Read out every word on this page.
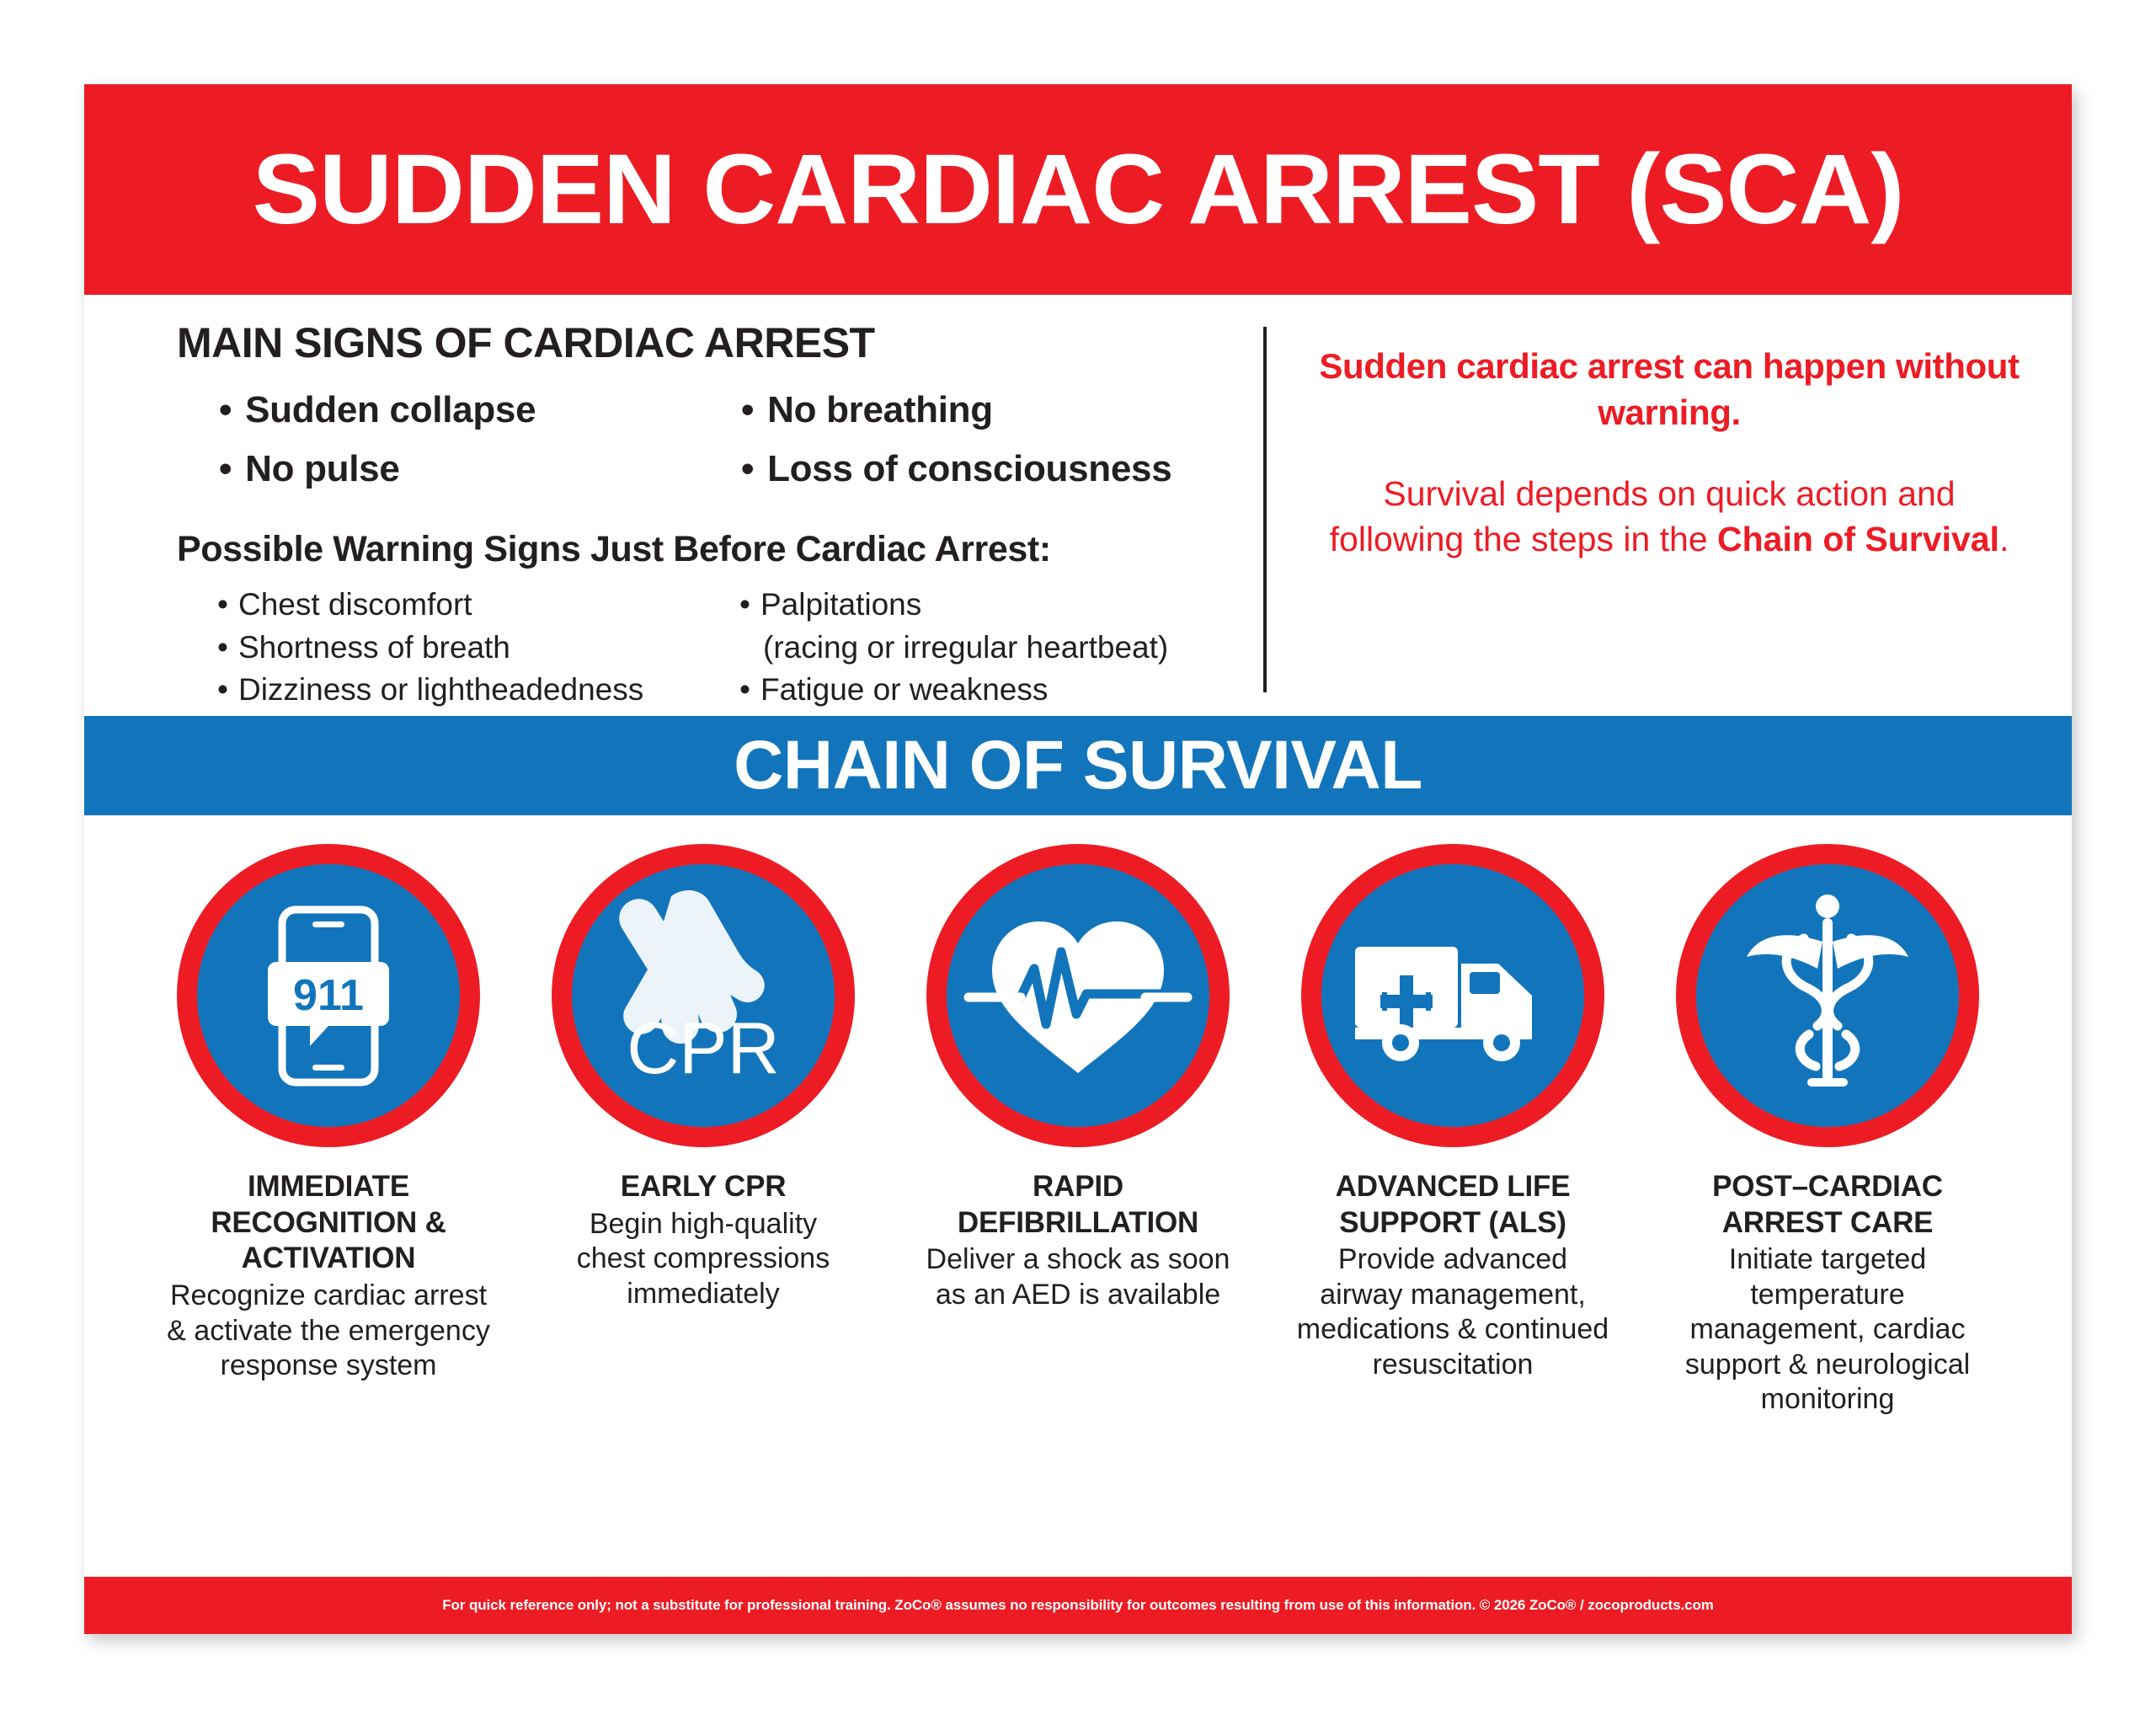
SUDDEN CARDIAC ARREST (SCA)
MAIN SIGNS OF CARDIAC ARREST
• Sudden collapse
• No pulse
• No breathing
• Loss of consciousness
Possible Warning Signs Just Before Cardiac Arrest:
• Chest discomfort
• Shortness of breath
• Dizziness or lightheadedness
• Palpitations
(racing or irregular heartbeat)
• Fatigue or weakness
Sudden cardiac arrest can happen without warning.
Survival depends on quick action and following the steps in the Chain of Survival.
CHAIN OF SURVIVAL
911
IMMEDIATE
RECOGNITION &
ACTIVATION
Recognize cardiac arrest
& activate the emergency
response system
CPR
EARLY CPR
Begin high-quality
chest compressions
immediately
RAPID
DEFIBRILLATION
Deliver a shock as soon
as an AED is available
ADVANCED LIFE
SUPPORT (ALS)
Provide advanced
airway management,
medications & continued
resuscitation
POST–CARDIAC
ARREST CARE
Initiate targeted
temperature
management, cardiac
support & neurological
monitoring
For quick reference only; not a substitute for professional training. ZoCo® assumes no responsibility for outcomes resulting from use of this information. © 2026 ZoCo® / zocoproducts.com
